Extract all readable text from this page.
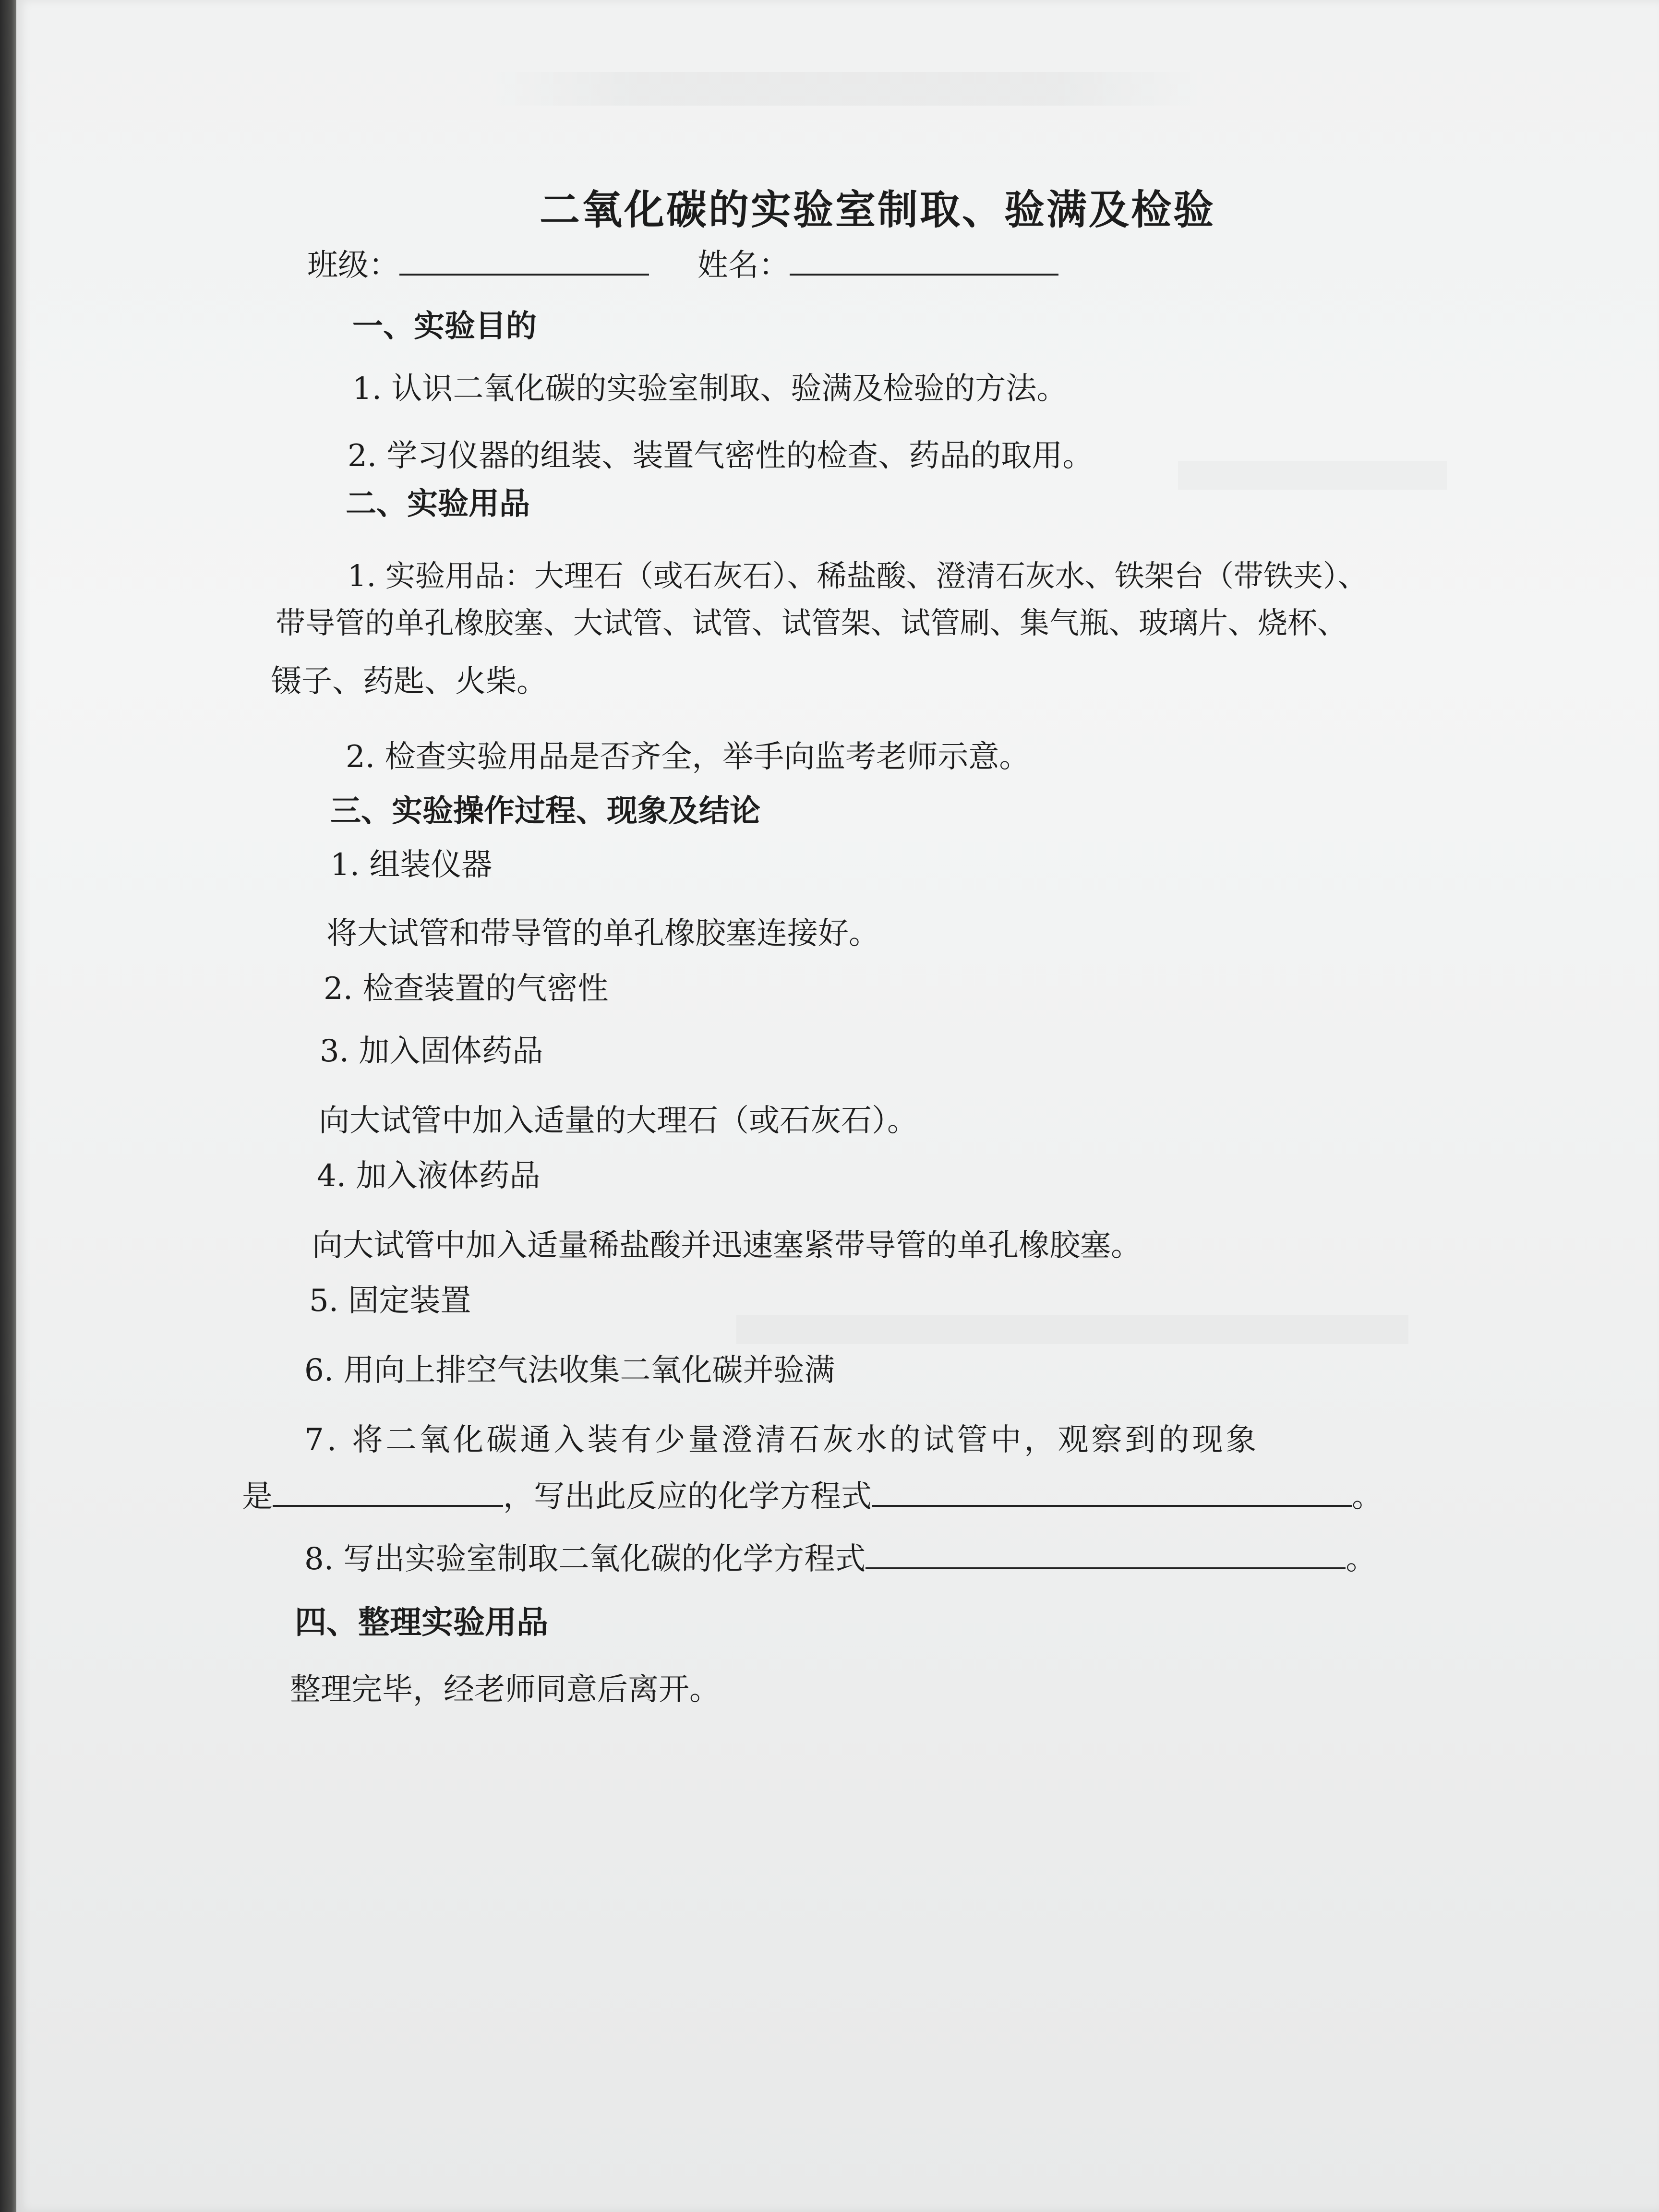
二氧化碳的实验室制取、验满及检验
班级：	姓名：
一、实验目的
1. 认识二氧化碳的实验室制取、验满及检验的方法。
2. 学习仪器的组装、装置气密性的检查、药品的取用。
二、实验用品
1. 实验用品：大理石（或石灰石）、稀盐酸、澄清石灰水、铁架台（带铁夹）、
带导管的单孔橡胶塞、大试管、试管、试管架、试管刷、集气瓶、玻璃片、烧杯、
镊子、药匙、火柴。
2. 检查实验用品是否齐全，举手向监考老师示意。
三、实验操作过程、现象及结论
1. 组装仪器
将大试管和带导管的单孔橡胶塞连接好。
2. 检查装置的气密性
3. 加入固体药品
向大试管中加入适量的大理石（或石灰石）。
4. 加入液体药品
向大试管中加入适量稀盐酸并迅速塞紧带导管的单孔橡胶塞。
5. 固定装置
6. 用向上排空气法收集二氧化碳并验满
7. 将二氧化碳通入装有少量澄清石灰水的试管中，观察到的现象
是	，写出此反应的化学方程式	。
8. 写出实验室制取二氧化碳的化学方程式	。
四、整理实验用品
整理完毕，经老师同意后离开。
